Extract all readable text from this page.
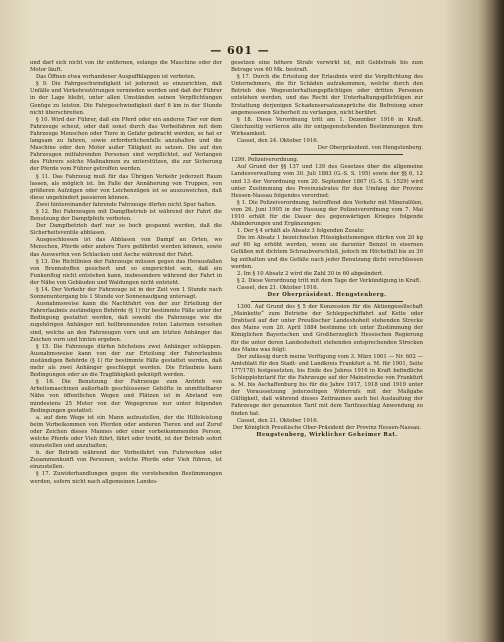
— 601 —

und darf sich nicht von ihr entfernen, solange die Maschine oder der Motor läuft.

Das Öffnen etwa vorhandener Auspuffklappen ist verboten.

§ 9. Die Fahrgeschwindigkeit ist jederzeit so einzurichten, daß Unfälle und Verkehrsstörungen vermieden werden und daß der Führer in der Lage bleibt, unter allen Umständen seinen Verpflichtungen Genüge zu leisten. Die Fahrgeschwindigkeit darf 6 km in der Stunde nicht überschreiten.

§ 10. Wird der Führer, daß ein Pferd oder ein anderes Tier vor dem Fahrzeuge scheut, oder daß sonst durch das Vorbeifahren mit dem Fahrzeuge Menschen oder Tiere in Gefahr gebracht werden, so hat er langsam zu fahren, sowie erforderlichenfalls anzuhalten und die Maschine oder den Motor außer Tätigkeit zu setzen. Die auf den Fahrzeugen mitfahrenden Personen sind verpflichtet, auf Verlangen des Führers solche Maßnahmen zu unterstützen, die zur Sicherung der Pferde vom Führer getroffen werden.

§ 11. Das Fahrzeug muß für das Übrigen Verkehr jederzeit Raum lassen, als möglich ist. Im Falle der Annäherung von Truppen, von größeren Aufzügen oder von Leichenzügen ist so auszuweichen, daß diese ungehindert passieren können.

Zwei hintereinander fahrende Fahrzeuge dürfen nicht Spur halten.

§ 12. Bei Fahrzeugen mit Dampfbetrieb ist während der Fahrt die Benutzung der Dampfpfeife verboten.

Der Dampfbetrieb darf nur so hoch gespannt werden, daß die Sicherheitsventile abblasen.

Ausgeschlossen ist das Abblasen von Dampf an Orten, wo Menschen, Pferde oder andere Tiere gefährdet werden können, sowie das Auswerfen von Schlacken und Asche während der Fahrt.

§ 13. Die Richtlinien der Fahrzeuge müssen gegen das Herausfallen von Brennstoffen gesichert und so eingerichtet sein, daß ein Funkenflug nicht entstehen kann, insbesondere während der Fahrt in der Nähe von Gebäuden und Waldungen nicht entsteht.

§ 14. Der Verkehr der Fahrzeuge ist in der Zeit von 1 Stunde nach Sonnenuntergang bis 1 Stunde vor Sonnenaufgang untersagt.

Ausnahmsweise kann die Nachtfahrt von der zur Erteilung der Fahrerlaubnis zuständigen Behörde (§ 1) für bestimmte Fälle unter der Bedingung gestattet werden, daß sowohl die Fahrzeuge wie die zugehörigen Anhänger mit hellbrennenden roten Laternen versehen sind, welche an den Fahrzeugen vorn und am letzten Anhänger das Zeichen vorn und hinten ergeben.

§ 15. Die Fahrzeuge dürfen höchstens zwei Anhänger schleppen. Ausnahmsweise kann von der zur Erteilung der Fahrerlaubnis zuständigen Behörde (§ 1) für bestimmte Fälle gestattet werden, daß mehr als zwei Anhänger geschleppt werden. Die Erlaubnis kann Bedingungen oder an die Tragfähigkeit geknüpft werden.

§ 16. Die Benutzung der Fahrzeuge zum Antrieb von Arbeitsmaschinen außerhalb geschlossener Gehöfte in unmittelbarer Nähe von öffentlichen Wegen und Plätzen ist in Abstand von mindestens 25 Meter von der Wegegrenze nur unter folgenden Bedingungen gestattet:

a. auf dem Wege ist ein Mann aufzustellen, der die Hilfeleistung beim Vorbeikommen von Pferden oder anderen Tieren und auf Zuruf oder Zeichen dieses Mannes oder einer vorbeikommenden Person, welche Pferde oder Vieh führt, fährt oder treibt, ist der Betrieb sofort einzustellen und anzuhalten;

b. der Betrieb während der Vorbeifahrt von Fuhrwerken oder Zusammenkunft von Personen, welche Pferde oder Vieh führen, ist einzustellen.

§ 17. Zuwiderhandlungen gegen die vorstehenden Bestimmungen werden, sofern nicht nach allgemeinen Landes-

gesetzen eine höhere Strafe verwirkt ist, mit Geldstrafe bis zum Betrage von 60 Mk. bestraft.

§ 17. Durch die Erteilung der Erlaubnis wird die Verpflichtung des Unternehmers, die für Schäden aufzukommen, welche durch den Betrieb den Wegeunterhaltungspflichtigen oder dritten Personen entstehen werden, und das Recht der Unterhaltungspflichtigen zur Erstattung derjenigen Schadensersatzansprüche die Befreiung einer angemessenen Sicherheit zu verlangen, nicht berührt.

§ 18. Diese Verordnung tritt am 1. Dezember 1916 in Kraft. Gleichzeitig verlieren alle ihr entgegenstehenden Bestimmungen ihre Wirksamkeit.

Cassel, den 24. Oktober 1916.

Der Oberpräsident. von Hengstenberg.

1299. Polizeiverordnung.

Auf Grund der §§ 137 und 139 des Gesetzes über die allgemeine Landesverwaltung vom 30. Juli 1883 (G.-S. S. 195) sowie der §§ 6, 12 und 13 der Verordnung vom 20. September 1867 (G.-S. S. 1529) wird unter Zustimmung des Provinzialrates für den Umfang der Provinz Hessen-Nassau folgendes verordnet:

§ 1. Die Polizeiverordnung, betreffend den Verkehr mit Mineralölen, vom 26. Juni 1905 in der Fassung der Polizeiverordnung vom 7. Mai 1910 erhält für die Dauer des gegenwärtigen Krieges folgende Abänderungen und Ergänzungen:

1. Der § 4 erhält als Absatz 3 folgenden Zusatz:

Die im Absatz 1 bezeichneten Flüssigkeitsmengen dürfen von 20 kg auf 60 kg erhöht werden, wenn sie darunter Benzol in eisernen Gefäßen mit dichtem Schraubverschluß, jedoch im Höchstfall bis zu 30 kg enthalten und die Gefäße nach jeder Benutzung dicht verschlossen werden.

2. Im § 10 Absatz 2 wird die Zahl 30 in 60 abgeändert.

§ 2. Diese Verordnung tritt mit dem Tage der Verkündigung in Kraft.

Cassel, den 21. Oktober 1916.

Der Oberpräsident. Hengstenberg.

1300. Auf Grund des § 5 der Konzession für die Aktiengesellschaft „Mainkette“ zum Betriebe der Schleppschiffahrt auf Kette oder Drahtseil auf der unter Preußischer Landeshoheit stehenden Strecke des Mains vom 20. April 1884 bestimme ich unter Zustimmung der Königlichen Bayerischen und Großherzoglich Hessischen Regierung für die unter deren Landeshoheit stehenden entsprechenden Strecken des Mains was folgt:

Der zulässig durch meine Verfügung vom 3. März 1901 — Nr. 602 — Amtsblatt für den Stadt- und Landkreis Frankfurt a. M. für 1901, Seite 177/178) festgesetzten, bis Ende des Jahres 1916 in Kraft befindliche Schlepplohntarif für die Fahrzeuge auf der Mainstrecke von Frankfurt a. M. bis Aschaffenburg bis für die Jahre 1917, 1918 und 1919 unter der Voraussetzung jederzeitigen Widerrufs mit der Maßgabe Gültigkeit, daß während dieses Zeitraumes auch bei Auslaufung der Fahrzeuge der genannten Tarif mit dem Tarifzuschlag Anwendung zu finden hat.

Cassel, den 21. Oktober 1916.

Der Königlich Preußische Ober-Präsident der Provinz Hessen-Nassau.

Hengstenberg, Wirklicher Geheimer Rat.
